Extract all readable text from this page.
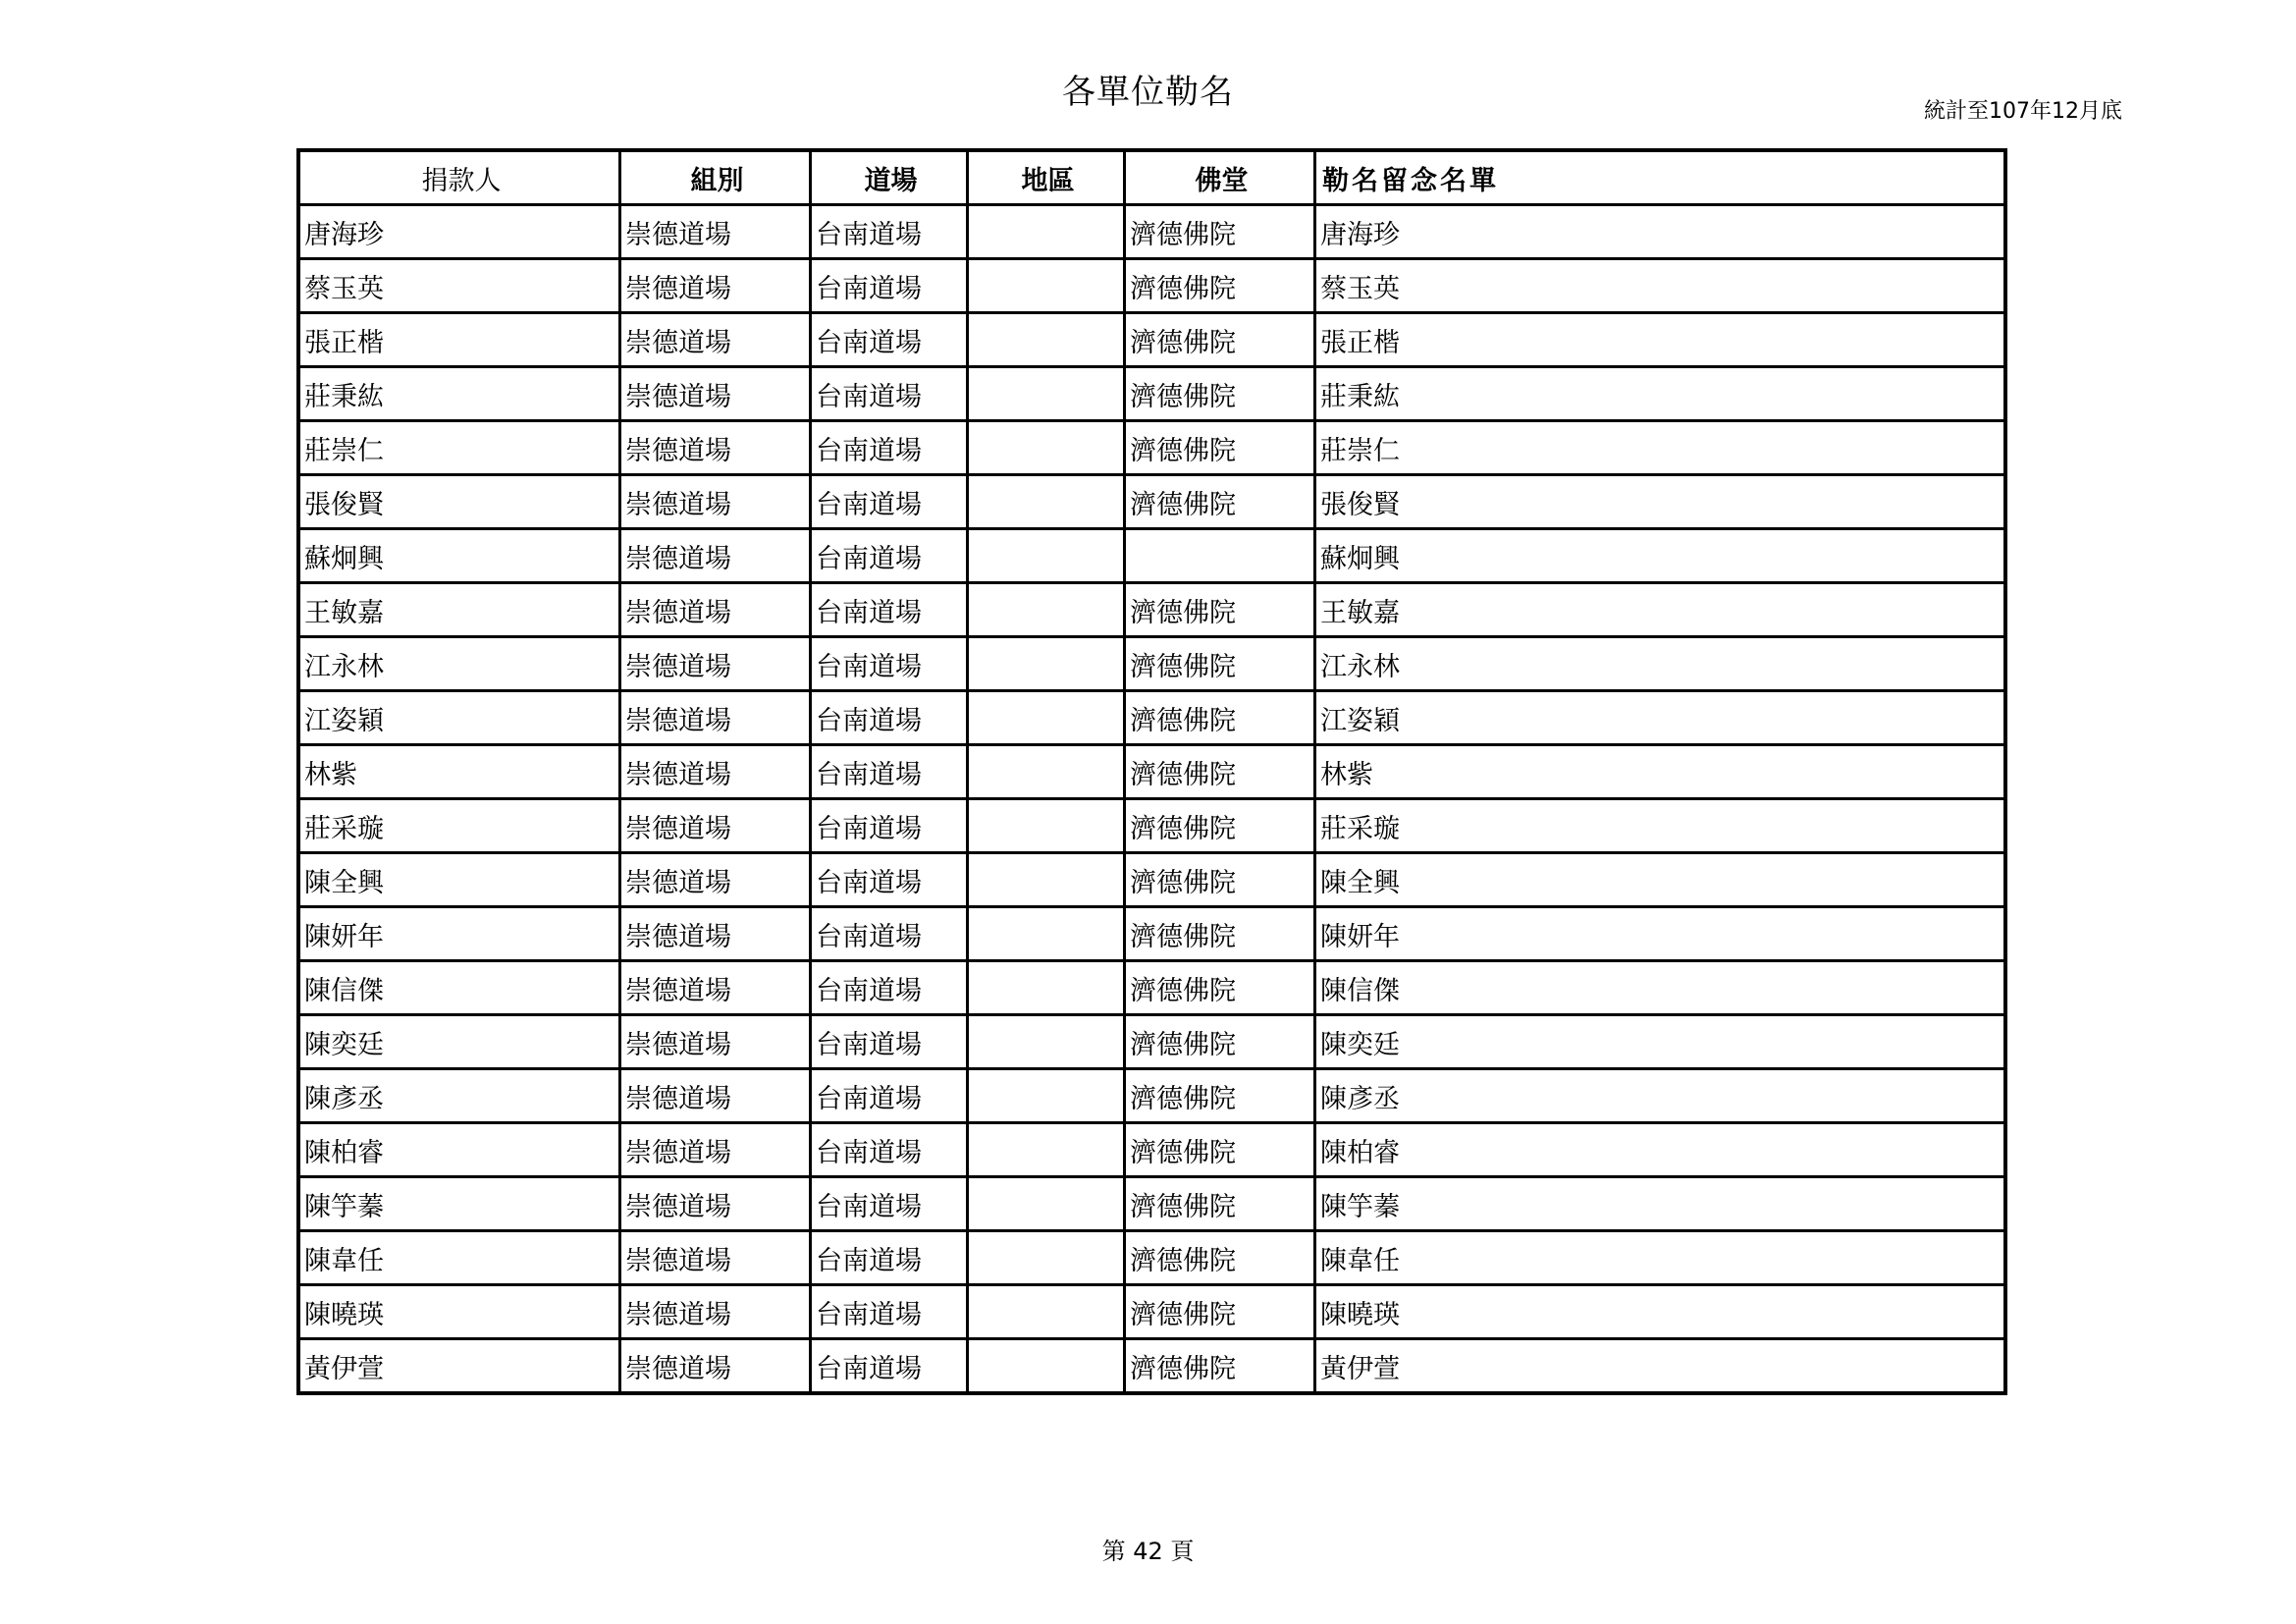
各單位勒名	統計至107年12月底
捐款人	組別	道場	地區	佛堂	勒名留念名單
唐海珍	崇德道場	台南道場		濟德佛院	唐海珍
蔡玉英	崇德道場	台南道場		濟德佛院	蔡玉英
張正楷	崇德道場	台南道場		濟德佛院	張正楷
莊秉紘	崇德道場	台南道場		濟德佛院	莊秉紘
莊崇仁	崇德道場	台南道場		濟德佛院	莊崇仁
張俊賢	崇德道場	台南道場		濟德佛院	張俊賢
蘇炯興	崇德道場	台南道場			蘇炯興
王敏嘉	崇德道場	台南道場		濟德佛院	王敏嘉
江永林	崇德道場	台南道場		濟德佛院	江永林
江姿穎	崇德道場	台南道場		濟德佛院	江姿穎
林紫	崇德道場	台南道場		濟德佛院	林紫
莊采璇	崇德道場	台南道場		濟德佛院	莊采璇
陳全興	崇德道場	台南道場		濟德佛院	陳全興
陳妍年	崇德道場	台南道場		濟德佛院	陳妍年
陳信傑	崇德道場	台南道場		濟德佛院	陳信傑
陳奕廷	崇德道場	台南道場		濟德佛院	陳奕廷
陳彥丞	崇德道場	台南道場		濟德佛院	陳彥丞
陳柏睿	崇德道場	台南道場		濟德佛院	陳柏睿
陳竽蓁	崇德道場	台南道場		濟德佛院	陳竽蓁
陳韋任	崇德道場	台南道場		濟德佛院	陳韋任
陳曉瑛	崇德道場	台南道場		濟德佛院	陳曉瑛
黃伊萱	崇德道場	台南道場		濟德佛院	黃伊萱
第 42 頁
